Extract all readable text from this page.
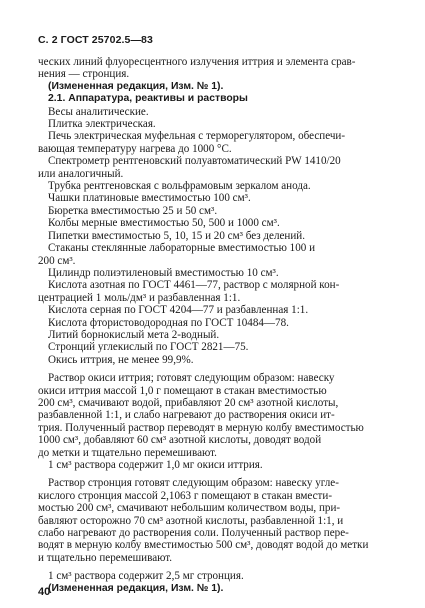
С. 2 ГОСТ 25702.5—83

ческих линий флуоресцентного излучения иттрия и элемента срав-

нения — стронция.

(Измененная редакция, Изм. № 1).

2.1. Аппаратура, реактивы и растворы

Весы аналитические.

Плитка электрическая.

Печь электрическая муфельная с терморегулятором, обеспечи-

вающая температуру нагрева до 1000 °С.

Спектрометр рентгеновский полуавтоматический PW 1410/20

или аналогичный.

Трубка рентгеновская с вольфрамовым зеркалом анода.

Чашки платиновые вместимостью 100 см³.

Бюретка вместимостью 25 и 50 см³.

Колбы мерные вместимостью 50, 500 и 1000 см³.

Пипетки вместимостью 5, 10, 15 и 20 см³ без делений.

Стаканы стеклянные лабораторные вместимостью 100 и

200 см³.

Цилиндр полиэтиленовый вместимостью 10 см³.

Кислота азотная по ГОСТ 4461—77, раствор с молярной кон-

центрацией 1 моль/дм³ и разбавленная 1:1.

Кислота серная по ГОСТ 4204—77 и разбавленная 1:1.

Кислота фтористоводородная по ГОСТ 10484—78.

Литий борнокислый мета 2-водный.

Стронций углекислый по ГОСТ 2821—75.

Окись иттрия, не менее 99,9%.

Раствор окиси иттрия; готовят следующим образом: навеску

окиси иттрия массой 1,0 г помещают в стакан вместимостью

200 см³, смачивают водой, прибавляют 20 см³ азотной кислоты,

разбавленной 1:1, и слабо нагревают до растворения окиси ит-

трия. Полученный раствор переводят в мерную колбу вместимостью

1000 см³, добавляют 60 см³ азотной кислоты, доводят водой

до метки и тщательно перемешивают.

1 см³ раствора содержит 1,0 мг окиси иттрия.

Раствор стронция готовят следующим образом: навеску угле-

кислого стронция массой 2,1063 г помещают в стакан вмести-

мостью 200 см³, смачивают небольшим количеством воды, при-

бавляют осторожно 70 см³ азотной кислоты, разбавленной 1:1, и

слабо нагревают до растворения соли. Полученный раствор пере-

водят в мерную колбу вместимостью 500 см³, доводят водой до метки

и тщательно перемешивают.

1 см³ раствора содержит 2,5 мг стронция.

(Измененная редакция, Изм. № 1).

40
